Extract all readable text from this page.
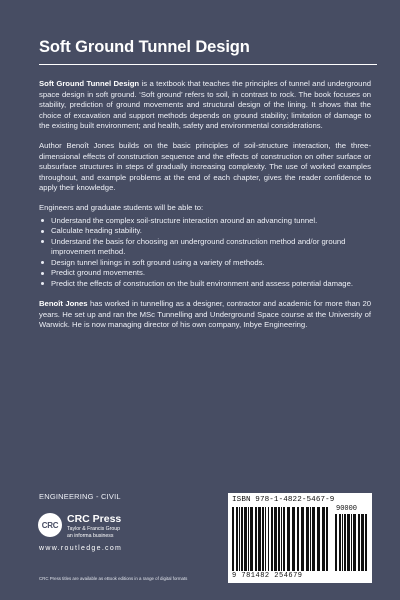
Soft Ground Tunnel Design

Soft Ground Tunnel Design is a textbook that teaches the principles of tunnel and underground space design in soft ground. ‘Soft ground’ refers to soil, in contrast to rock. The book focuses on stability, prediction of ground movements and structural design of the lining. It shows that the choice of excavation and support methods depends on ground stability; limitation of damage to the existing built environment; and health, safety and environmental considerations.

Author Benoît Jones builds on the basic principles of soil-structure interaction, the three-dimensional effects of construction sequence and the effects of construction on other surface or subsurface structures in steps of gradually increasing complexity. The use of worked examples throughout, and example problems at the end of each chapter, gives the reader confidence to apply their knowledge.

Engineers and graduate students will be able to:

Understand the complex soil-structure interaction around an advancing tunnel.
Calculate heading stability.
Understand the basis for choosing an underground construction method and/or ground improvement method.
Design tunnel linings in soft ground using a variety of methods.
Predict ground movements.
Predict the effects of construction on the built environment and assess potential damage.

Benoît Jones has worked in tunnelling as a designer, contractor and academic for more than 20 years. He set up and ran the MSc Tunnelling and Underground Space course at the University of Warwick. He is now managing director of his own company, Inbye Engineering.

ENGINEERING - CIVIL
CRC CRC Press
Taylor & Francis Group
an informa business
www.routledge.com
CRC Press titles are available as eBook editions in a range of digital formats
ISBN 978-1-4822-5467-9
90000
9 781482 254679
